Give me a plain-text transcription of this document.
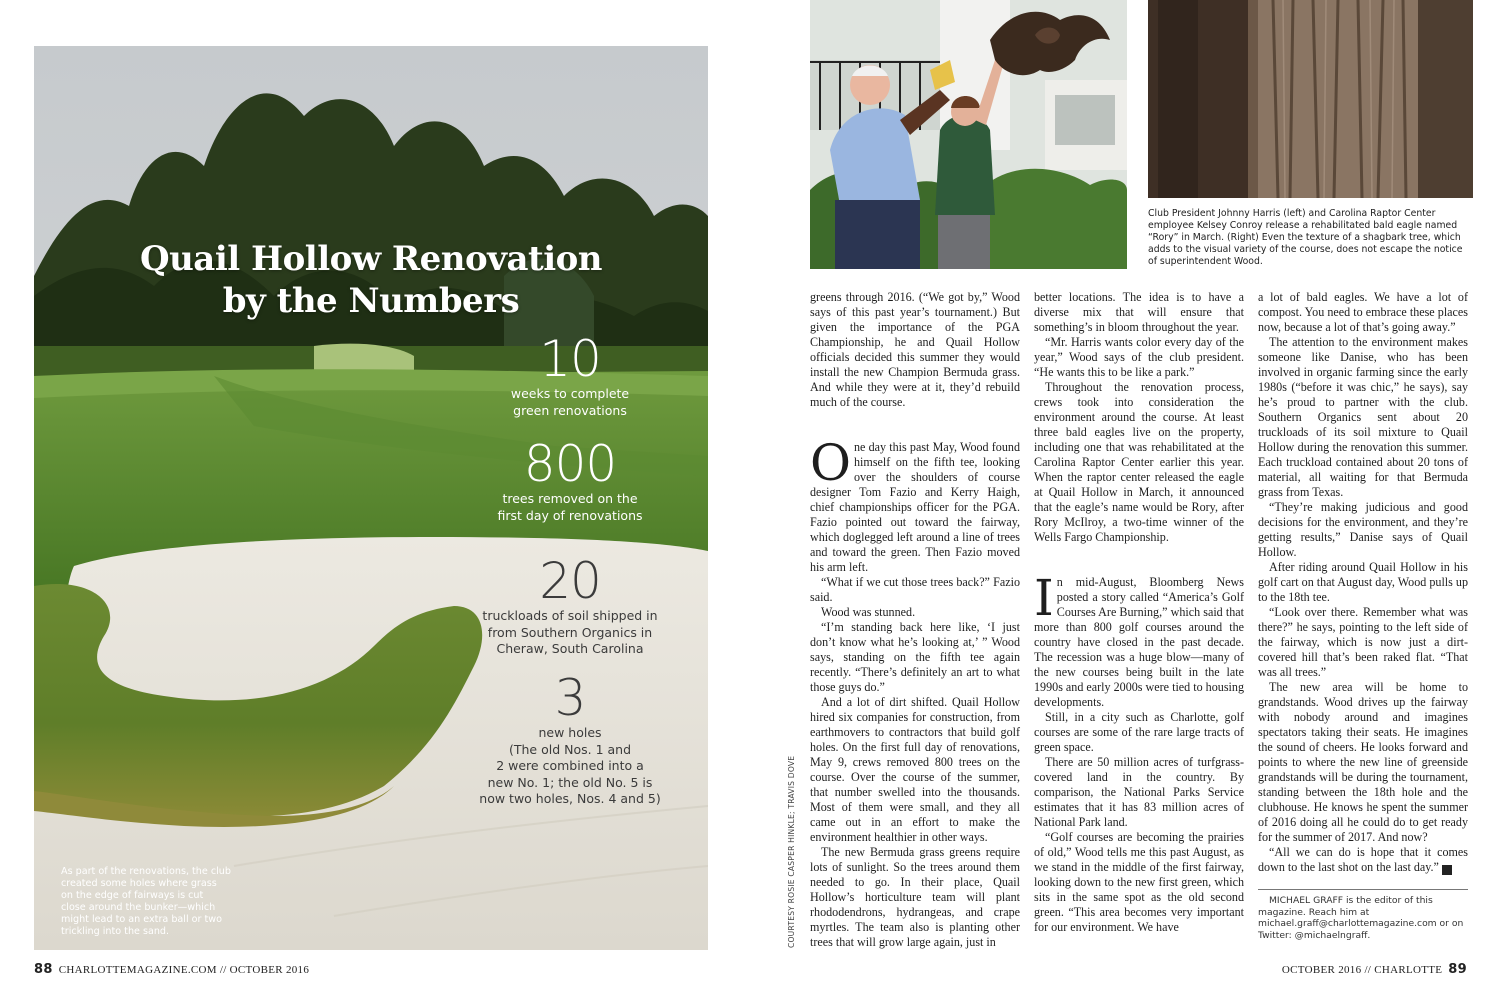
Quail Hollow Renovation
by the Numbers
10
weeks to complete
green renovations
800
trees removed on the
first day of renovations
20
truckloads of soil shipped in
from Southern Organics in
Cheraw, South Carolina
3
new holes
(The old Nos. 1 and
2 were combined into a
new No. 1; the old No. 5 is
now two holes, Nos. 4 and 5)
As part of the renovations, the club created some holes where grass on the edge of fairways is cut close around the bunker—which might lead to an extra ball or two trickling into the sand.
88 CHARLOTTEMAGAZINE.COM // OCTOBER 2016
COURTESY ROSIE CASPER HINKLE; TRAVIS DOVE
Club President Johnny Harris (left) and Carolina Raptor Center employee Kelsey Conroy release a rehabilitated bald eagle named “Rory” in March. (Right) Even the texture of a shagbark tree, which adds to the visual variety of the course, does not escape the notice of superintendent Wood.

greens through 2016. (“We got by,” Wood says of this past year’s tournament.) But given the importance of the PGA Championship, he and Quail Hollow officials decided this summer they would install the new Champion Bermuda grass. And while they were at it, they’d rebuild much of the course.

One day this past May, Wood found himself on the fifth tee, looking over the shoulders of course designer Tom Fazio and Kerry Haigh, chief championships officer for the PGA. Fazio pointed out toward the fairway, which doglegged left around a line of trees and toward the green. Then Fazio moved his arm left.

“What if we cut those trees back?” Fazio said.

Wood was stunned.

“I’m standing back here like, ‘I just don’t know what he’s looking at,’ ” Wood says, standing on the fifth tee again recently. “There’s definitely an art to what those guys do.”

And a lot of dirt shifted. Quail Hollow hired six companies for construction, from earthmovers to contractors that build golf holes. On the first full day of renovations, May 9, crews removed 800 trees on the course. Over the course of the summer, that number swelled into the thousands. Most of them were small, and they all came out in an effort to make the environment healthier in other ways.

The new Bermuda grass greens require lots of sunlight. So the trees around them needed to go. In their place, Quail Hollow’s horticulture team will plant rhododendrons, hydrangeas, and crape myrtles. The team also is planting other trees that will grow large again, just in

better locations. The idea is to have a diverse mix that will ensure that something’s in bloom throughout the year.

“Mr. Harris wants color every day of the year,” Wood says of the club president. “He wants this to be like a park.”

Throughout the renovation process, crews took into consideration the environment around the course. At least three bald eagles live on the property, including one that was rehabilitated at the Carolina Raptor Center earlier this year. When the raptor center released the eagle at Quail Hollow in March, it announced that the eagle’s name would be Rory, after Rory McIlroy, a two-time winner of the Wells Fargo Championship.

In mid-August, Bloomberg News posted a story called “America’s Golf Courses Are Burning,” which said that more than 800 golf courses around the country have closed in the past decade. The recession was a huge blow—many of the new courses being built in the late 1990s and early 2000s were tied to housing developments.

Still, in a city such as Charlotte, golf courses are some of the rare large tracts of green space.

There are 50 million acres of turfgrass-covered land in the country. By comparison, the National Parks Service estimates that it has 83 million acres of National Park land.

“Golf courses are becoming the prairies of old,” Wood tells me this past August, as we stand in the middle of the first fairway, looking down to the new first green, which sits in the same spot as the old second green. “This area becomes very important for our environment. We have

a lot of bald eagles. We have a lot of compost. You need to embrace these places now, because a lot of that’s going away.”

The attention to the environment makes someone like Danise, who has been involved in organic farming since the early 1980s (“before it was chic,” he says), say he’s proud to partner with the club. Southern Organics sent about 20 truckloads of its soil mixture to Quail Hollow during the renovation this summer. Each truckload contained about 20 tons of material, all waiting for that Bermuda grass from Texas.

“They’re making judicious and good decisions for the environment, and they’re getting results,” Danise says of Quail Hollow.

After riding around Quail Hollow in his golf cart on that August day, Wood pulls up to the 18th tee.

“Look over there. Remember what was there?” he says, pointing to the left side of the fairway, which is now just a dirt-covered hill that’s been raked flat. “That was all trees.”

The new area will be home to grandstands. Wood drives up the fairway with nobody around and imagines spectators taking their seats. He imagines the sound of cheers. He looks forward and points to where the new line of greenside grandstands will be during the tournament, standing between the 18th hole and the clubhouse. He knows he spent the summer of 2016 doing all he could do to get ready for the summer of 2017. And now?

“All we can do is hope that it comes down to the last shot on the last day.” C

MICHAEL GRAFF is the editor of this magazine. Reach him at michael.graff@charlottemagazine.com or on Twitter: @michaelngraff.

OCTOBER 2016 // CHARLOTTE 89
